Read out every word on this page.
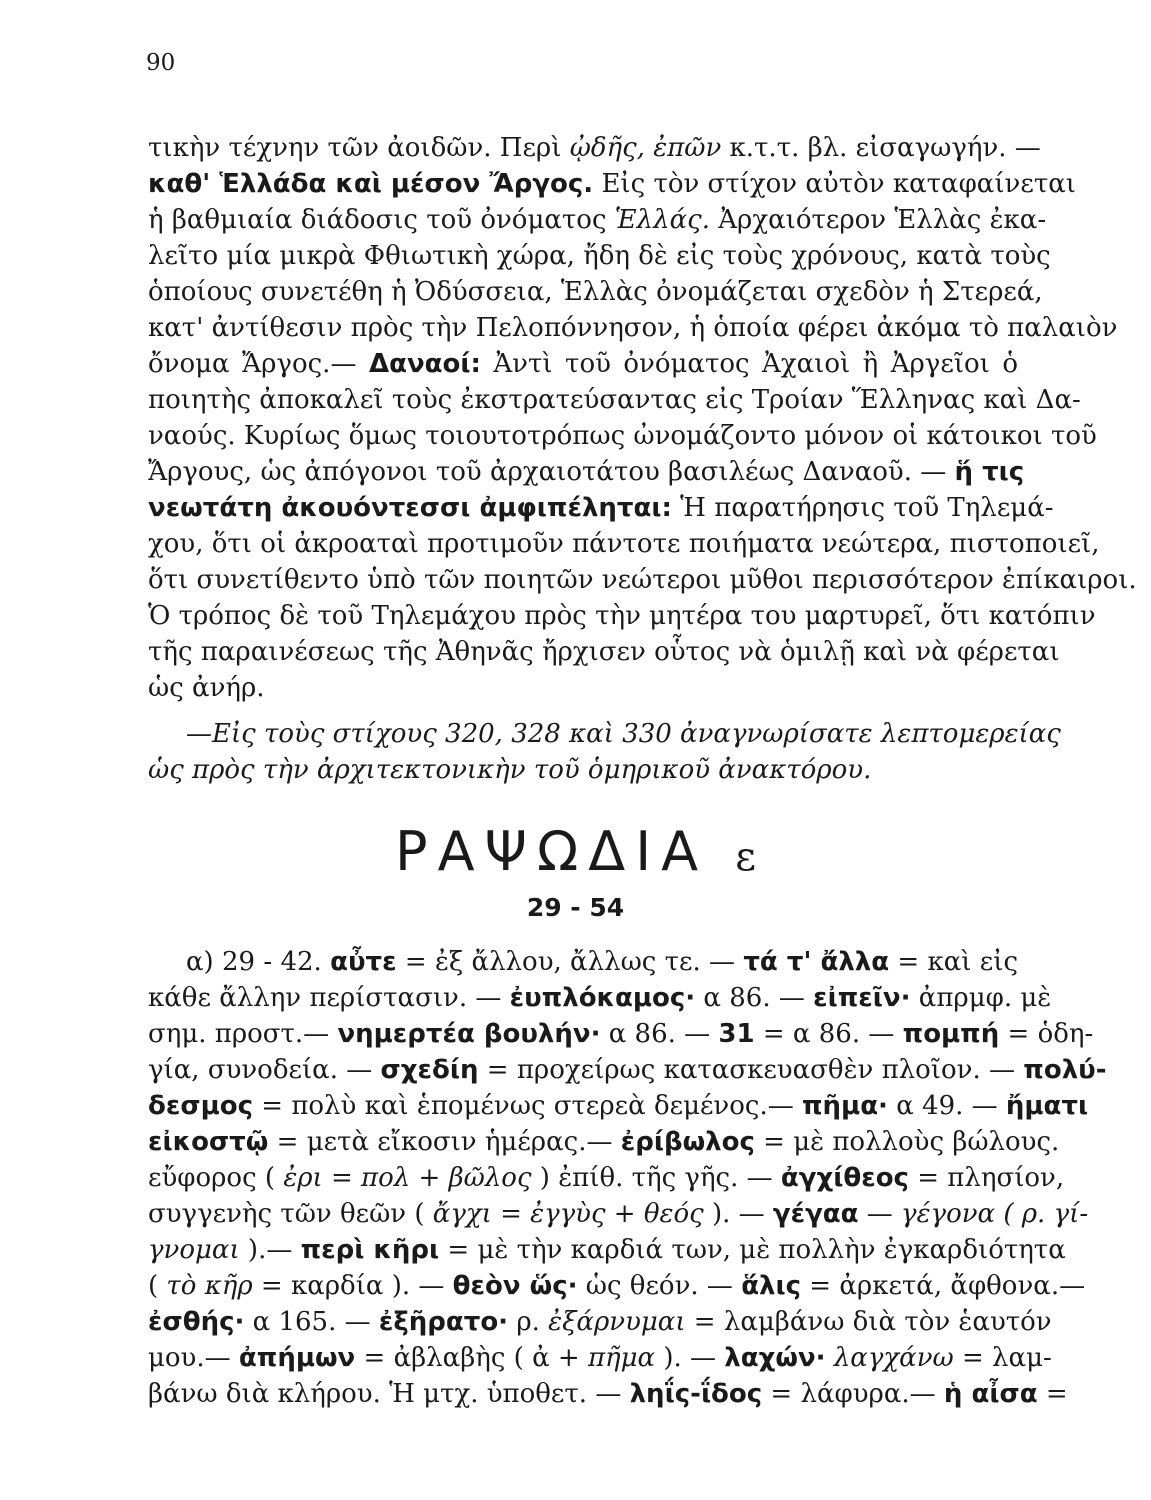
90
τικὴν τέχνην τῶν ἀοιδῶν. Περὶ ᾠδῆς, ἐπῶν κ.τ.τ. βλ. εἰσαγωγήν. —
καθ' Ἑλλάδα καὶ μέσον Ἄργος. Εἰς τὸν στίχον αὐτὸν καταφαίνεται
ἡ βαθμιαία διάδοσις τοῦ ὀνόματος Ἑλλάς. Ἀρχαιότερον Ἑλλὰς ἐκα-
λεῖτο μία μικρὰ Φθιωτικὴ χώρα, ἤδη δὲ εἰς τοὺς χρόνους, κατὰ τοὺς
ὁποίους συνετέθη ἡ Ὀδύσσεια, Ἑλλὰς ὀνομάζεται σχεδὸν ἡ Στερεά,
κατ' ἀντίθεσιν πρὸς τὴν Πελοπόννησον, ἡ ὁποία φέρει ἀκόμα τὸ παλαιὸν
ὄνομα Ἄργος.— Δαναοί: Ἀντὶ τοῦ ὀνόματος Ἀχαιοὶ ἢ Ἀργεῖοι ὁ
ποιητὴς ἀποκαλεῖ τοὺς ἐκστρατεύσαντας εἰς Τροίαν Ἕλληνας καὶ Δα-
ναούς. Κυρίως ὅμως τοιουτοτρόπως ὠνομάζοντο μόνον οἱ κάτοικοι τοῦ
Ἄργους, ὡς ἀπόγονοι τοῦ ἀρχαιοτάτου βασιλέως Δαναοῦ. — ἥ τις
νεωτάτη ἀκουόντεσσι ἀμφιπέληται: Ἡ παρατήρησις τοῦ Τηλεμά-
χου, ὅτι οἱ ἀκροαταὶ προτιμοῦν πάντοτε ποιήματα νεώτερα, πιστοποιεῖ,
ὅτι συνετίθεντο ὑπὸ τῶν ποιητῶν νεώτεροι μῦθοι περισσότερον ἐπίκαιροι.
Ὁ τρόπος δὲ τοῦ Τηλεμάχου πρὸς τὴν μητέρα του μαρτυρεῖ, ὅτι κατόπιν
τῆς παραινέσεως τῆς Ἀθηνᾶς ἤρχισεν οὗτος νὰ ὁμιλῇ καὶ νὰ φέρεται
ὡς ἀνήρ.
—Εἰς τοὺς στίχους 320, 328 καὶ 330 ἀναγνωρίσατε λεπτομερείας
ὡς πρὸς τὴν ἀρχιτεκτονικὴν τοῦ ὁμηρικοῦ ἀνακτόρου.
ΡΑΨΩΔΙΑ ε
29 - 54
α) 29 - 42. αὖτε = ἐξ ἄλλου, ἄλλως τε. — τά τ' ἄλλα = καὶ εἰς
κάθε ἄλλην περίστασιν. — ἐυπλόκαμος· α 86. — εἰπεῖν· ἀπρμφ. μὲ
σημ. προστ.— νημερτέα βουλήν· α 86. — 31 = α 86. — πομπή = ὁδη-
γία, συνοδεία. — σχεδίη = προχείρως κατασκευασθὲν πλοῖον. — πολύ-
δεσμος = πολὺ καὶ ἑπομένως στερεὰ δεμένος.— πῆμα· α 49. — ἤματι
εἰκοστῷ = μετὰ εἴκοσιν ἡμέρας.— ἐρίβωλος = μὲ πολλοὺς βώλους.
εὔφορος ( ἐρι = πολ + βῶλος ) ἐπίθ. τῆς γῆς. — ἀγχίθεος = πλησίον,
συγγενὴς τῶν θεῶν ( ἄγχι = ἐγγὺς + θεός ). — γέγαα — γέγονα ( ρ. γί-
γνομαι ).— περὶ κῆρι = μὲ τὴν καρδιά των, μὲ πολλὴν ἐγκαρδιότητα
( τὸ κῆρ = καρδία ). — θεὸν ὥς· ὡς θεόν. — ἅλις = ἀρκετά, ἄφθονα.—
ἐσθής· α 165. — ἐξῆρατο· ρ. ἐξάρνυμαι = λαμβάνω διὰ τὸν ἑαυτόν
μου.— ἀπήμων = ἀβλαβὴς ( ἀ + πῆμα ). — λαχών· λαγχάνω = λαμ-
βάνω διὰ κλήρου. Ἡ μτχ. ὑποθετ. — ληΐς-ΐδος = λάφυρα.— ἡ αἶσα =
